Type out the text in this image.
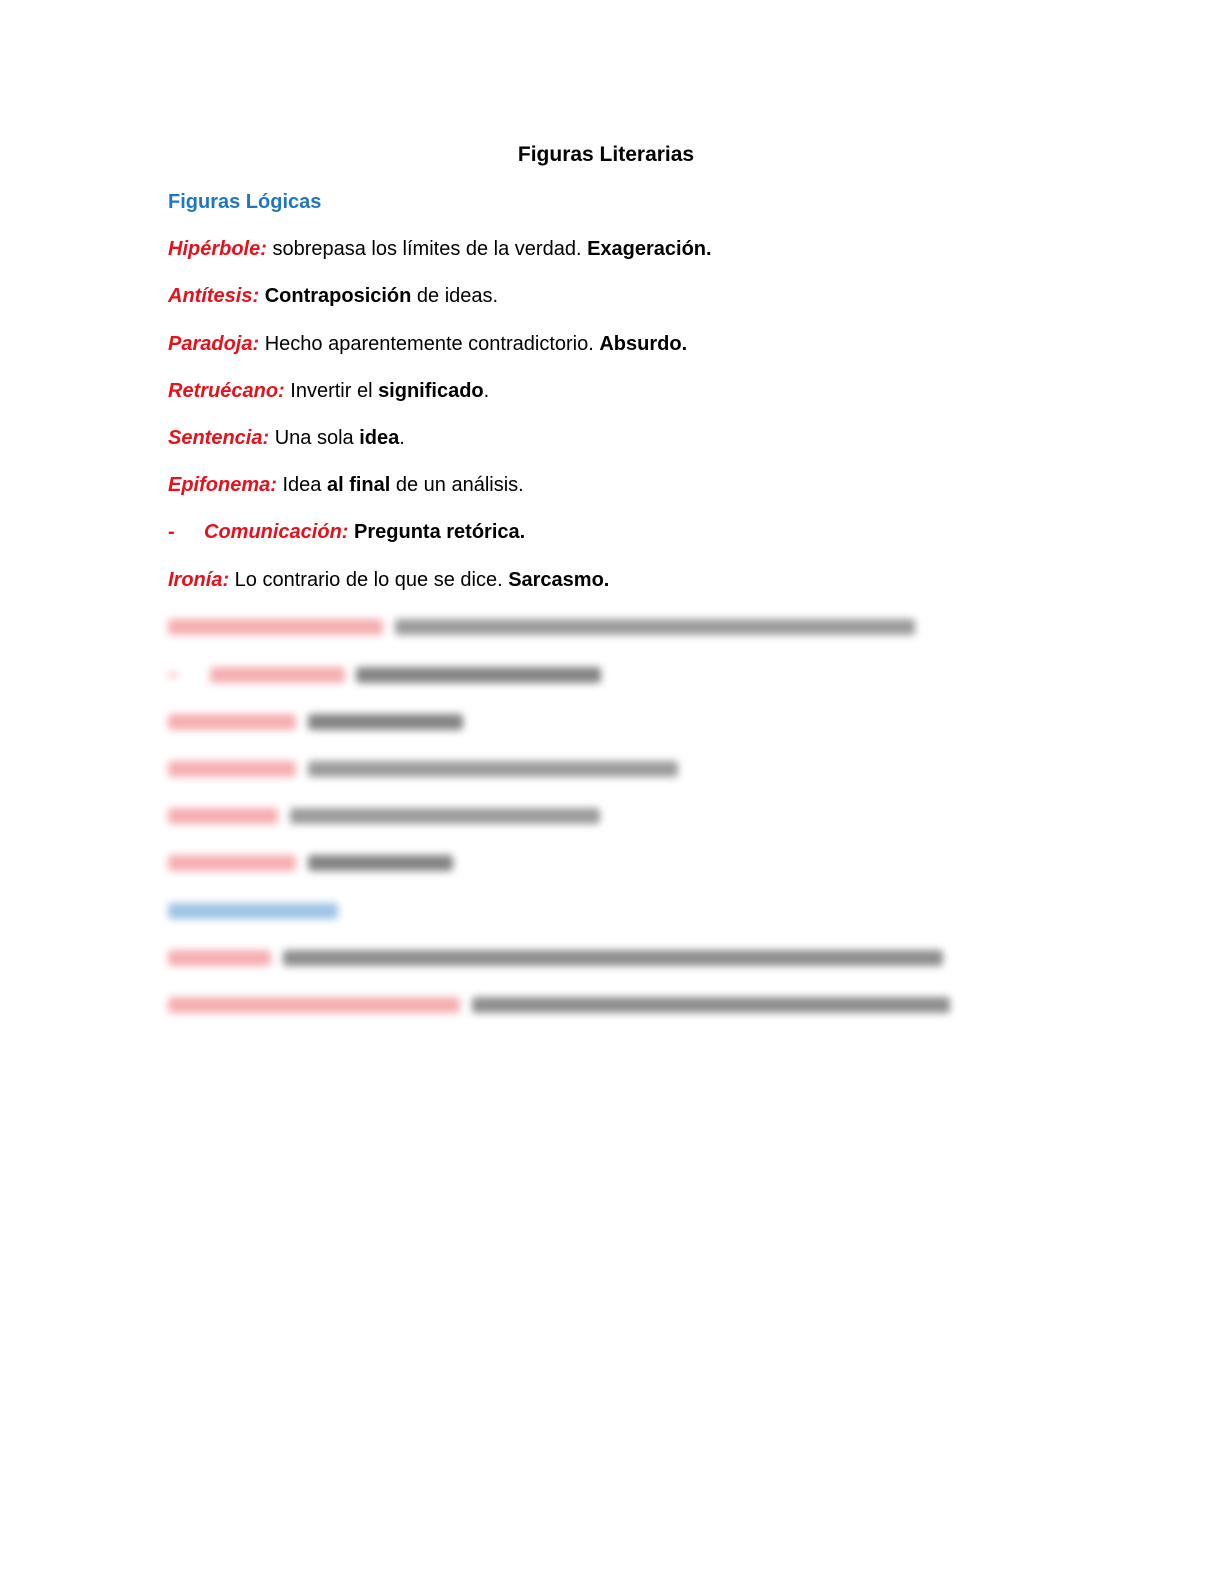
Figuras Literarias
Figuras Lógicas
Hipérbole: sobrepasa los límites de la verdad. Exageración.
Antítesis: Contraposición de ideas.
Paradoja: Hecho aparentemente contradictorio. Absurdo.
Retruécano: Invertir el significado.
Sentencia: Una sola idea.
Epifonema: Idea al final de un análisis.
- Comunicación: Pregunta retórica.
Ironía: Lo contrario de lo que se dice. Sarcasmo.
